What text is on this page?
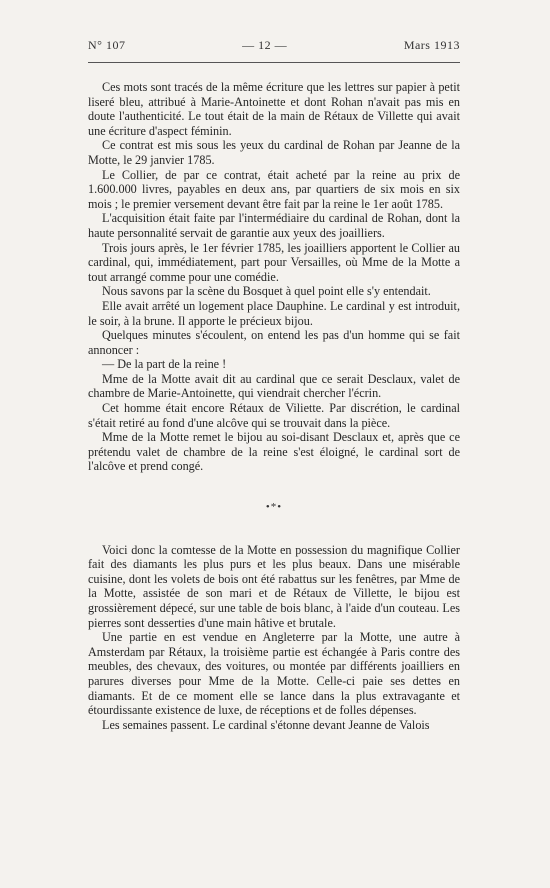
N° 107	— 12 —	Mars 1913

Ces mots sont tracés de la même écriture que les lettres sur papier à petit liseré bleu, attribué à Marie-Antoinette et dont Rohan n'avait pas mis en doute l'authenticité. Le tout était de la main de Rétaux de Villette qui avait une écriture d'aspect féminin.

Ce contrat est mis sous les yeux du cardinal de Rohan par Jeanne de la Motte, le 29 janvier 1785.

Le Collier, de par ce contrat, était acheté par la reine au prix de 1.600.000 livres, payables en deux ans, par quartiers de six mois en six mois ; le premier versement devant être fait par la reine le 1er août 1785.

L'acquisition était faite par l'intermédiaire du cardinal de Rohan, dont la haute personnalité servait de garantie aux yeux des joailliers.

Trois jours après, le 1er février 1785, les joailliers apportent le Collier au cardinal, qui, immédiatement, part pour Versailles, où Mme de la Motte a tout arrangé comme pour une comédie.

Nous savons par la scène du Bosquet à quel point elle s'y entendait.

Elle avait arrêté un logement place Dauphine. Le cardinal y est introduit, le soir, à la brune. Il apporte le précieux bijou.

Quelques minutes s'écoulent, on entend les pas d'un homme qui se fait annoncer :

— De la part de la reine !

Mme de la Motte avait dit au cardinal que ce serait Desclaux, valet de chambre de Marie-Antoinette, qui viendrait chercher l'écrin.

Cet homme était encore Rétaux de Viliette. Par discrétion, le cardinal s'était retiré au fond d'une alcôve qui se trouvait dans la pièce.

Mme de la Motte remet le bijou au soi-disant Desclaux et, après que ce prétendu valet de chambre de la reine s'est éloigné, le cardinal sort de l'alcôve et prend congé.

•*•

Voici donc la comtesse de la Motte en possession du magnifique Collier fait des diamants les plus purs et les plus beaux. Dans une misérable cuisine, dont les volets de bois ont été rabattus sur les fenêtres, par Mme de la Motte, assistée de son mari et de Rétaux de Villette, le bijou est grossièrement dépecé, sur une table de bois blanc, à l'aide d'un couteau. Les pierres sont desserties d'une main hâtive et brutale.

Une partie en est vendue en Angleterre par la Motte, une autre à Amsterdam par Rétaux, la troisième partie est échangée à Paris contre des meubles, des chevaux, des voitures, ou montée par différents joailliers en parures diverses pour Mme de la Motte. Celle-ci paie ses dettes en diamants. Et de ce moment elle se lance dans la plus extravagante et étourdissante existence de luxe, de réceptions et de folles dépenses.

Les semaines passent. Le cardinal s'étonne devant Jeanne de Valois
